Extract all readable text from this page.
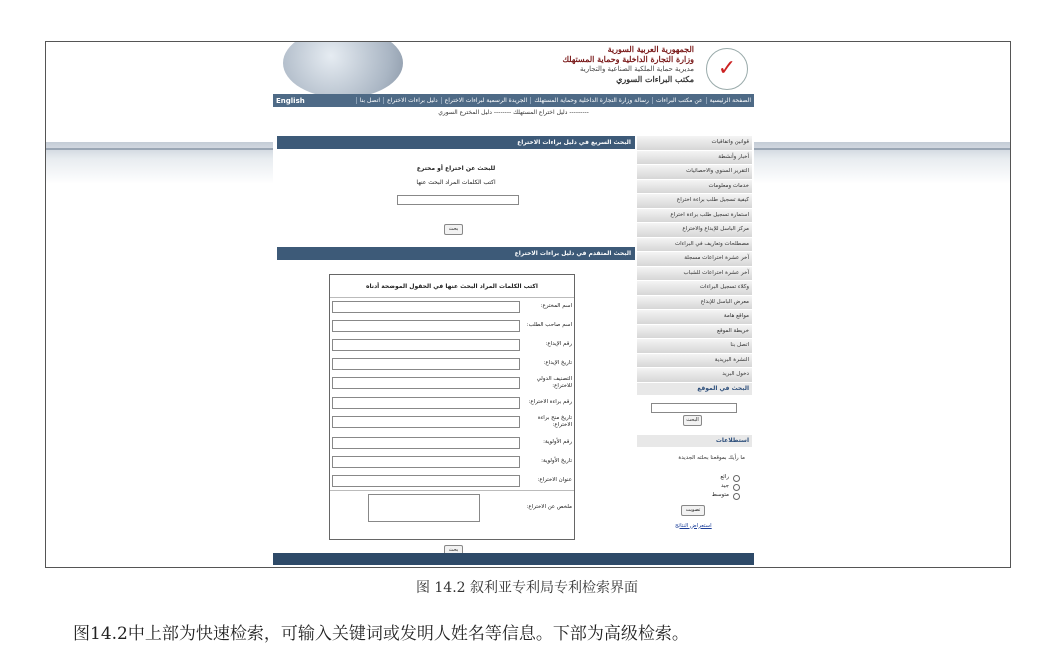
الجمهورية العربية السورية
وزارة التجارة الداخلية وحماية المستهلك
مديرية حماية الملكية الصناعية والتجارية
مكتب البراءات السوري	✓
الصفحة الرئيسية
عن مكتب البراءات
رسالة وزارة التجارة الداخلية وحماية المستهلك
الجريدة الرسمية لبراءات الاختراع
دليل براءات الاختراع
اتصل بنا
English
--------- دليل اختراع المستهلك -------- دليل المخترع السوري
البحث السريع في دليل براءات الاختراع
للبحث عن اختراع أو مخترع
اكتب الكلمات المراد البحث عنها
بحث
البحث المتقدم في دليل براءات الاختراع
اكتب الكلمات المراد البحث عنها في الحقول الموضحة أدناه
اسم المخترع:
اسم صاحب الطلب:
رقم الإيداع:
تاريخ الإيداع:
التصنيف الدولي للاختراع:
رقم براءة الاختراع:
تاريخ منح براءة الاختراع:
رقم الأولوية:
تاريخ الأولوية:
عنوان الاختراع:
ملخص عن الاختراع:
بحث
قوانين واتفاقيات
أخبار وأنشطة
التقرير السنوي والاحصائيات
خدمات ومعلومات
كيفية تسجيل طلب براءة اختراع
استمارة تسجيل طلب براءة اختراع
مركز الباسل للإبداع والاختراع
مصطلحات وتعاريف في البراءات
آخر عشرة اختراعات مسجلة
آخر عشرة اختراعات للشباب
وكلاء تسجيل البراءات
معرض الباسل للإبداع
مواقع هامة
خريطة الموقع
اتصل بنا
النشرة البريدية
دخول البريد
البحث في الموقع
البحث
استطلاعات
ما رأيك بموقعنا بحلته الجديدة
رائع
جيد
متوسط
تصويت
استعراض النتائج
图 14.2 叙利亚专利局专利检索界面
图14.2中上部为快速检索，可输入关键词或发明人姓名等信息。下部为高级检索。
